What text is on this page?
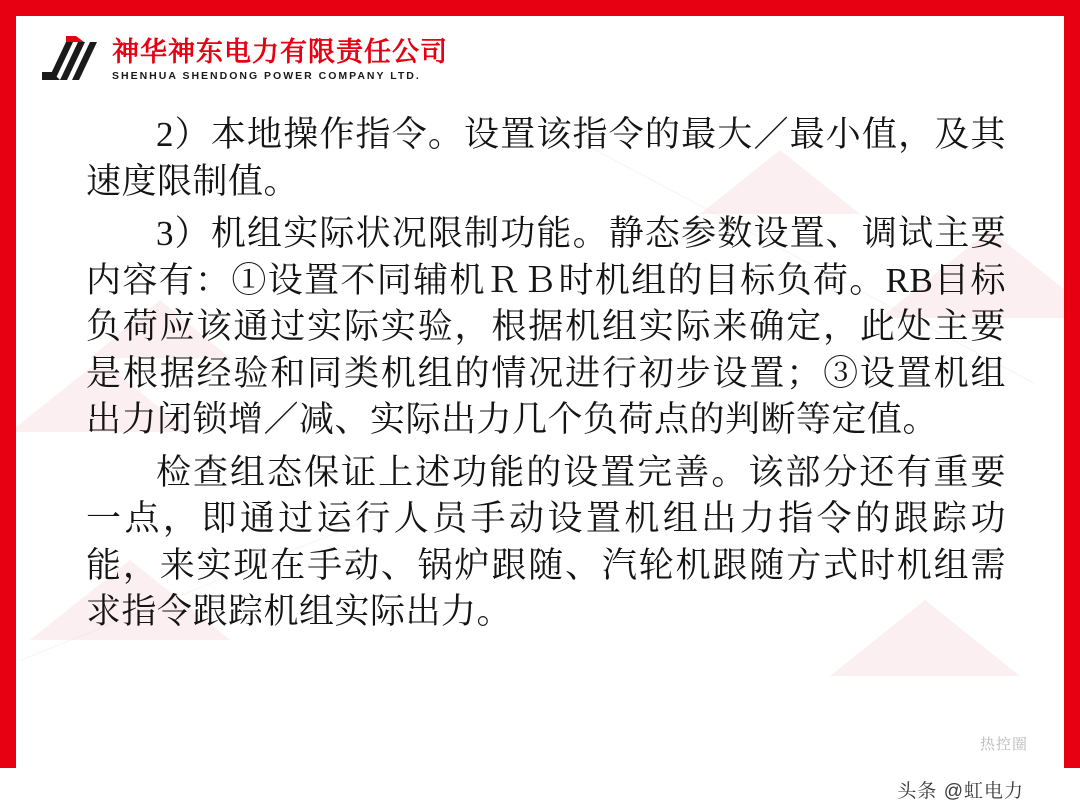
神华神东电力有限责任公司
SHENHUA SHENDONG POWER COMPANY LTD.

2）本地操作指令。设置该指令的最大／最小值，及其速度限制值。

3）机组实际状况限制功能。静态参数设置、调试主要内容有：①设置不同辅机ＲＢ时机组的目标负荷。RB目标负荷应该通过实际实验，根据机组实际来确定，此处主要是根据经验和同类机组的情况进行初步设置；③设置机组出力闭锁增／减、实际出力几个负荷点的判断等定值。

检查组态保证上述功能的设置完善。该部分还有重要一点，即通过运行人员手动设置机组出力指令的跟踪功能，来实现在手动、锅炉跟随、汽轮机跟随方式时机组需求指令跟踪机组实际出力。

热控圈
头条 @虹电力
